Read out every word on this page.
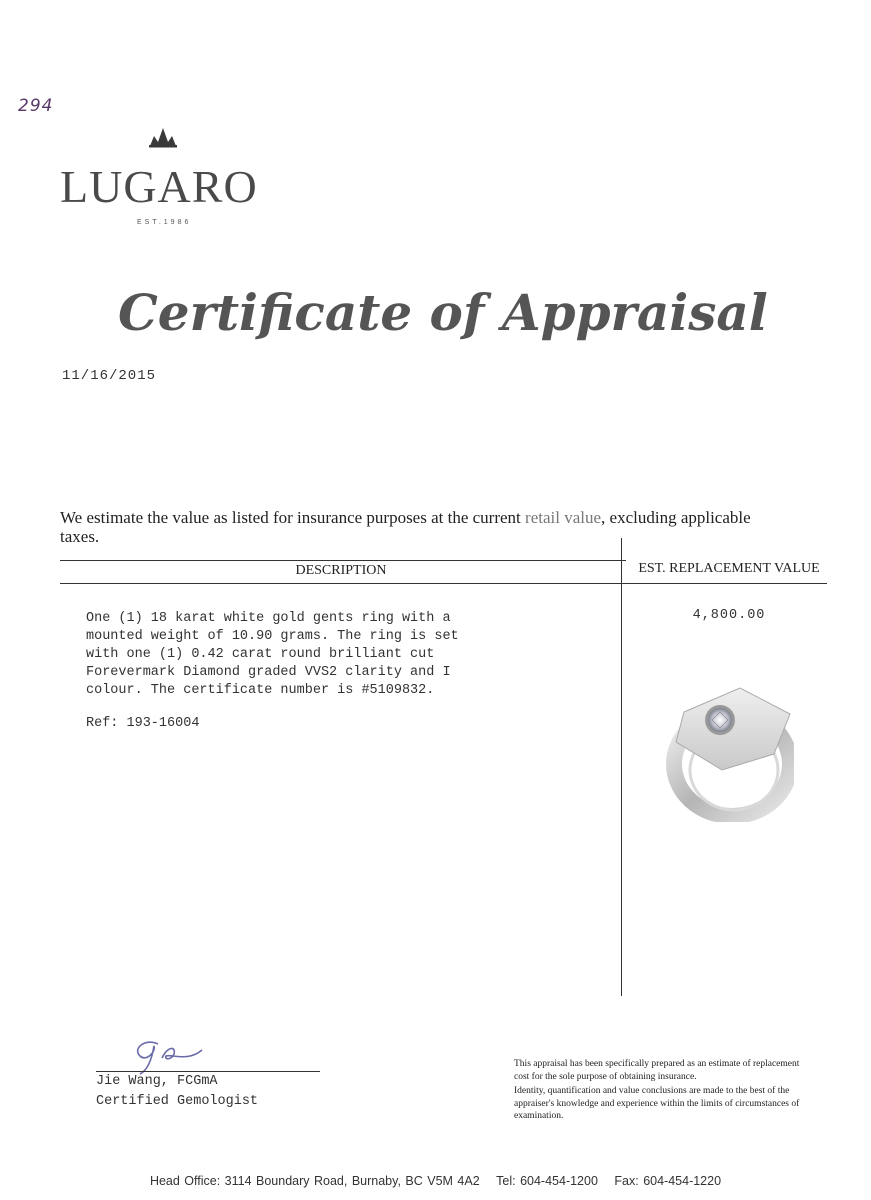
294
LUGARO
EST.1986
Certificate of Appraisal
11/16/2015
We estimate the value as listed for insurance purposes at the current retail value, excluding applicable taxes.
DESCRIPTION	EST. REPLACEMENT VALUE
One (1) 18 karat white gold gents ring with a
mounted weight of 10.90 grams. The ring is set
with one (1) 0.42 carat round brilliant cut
Forevermark Diamond graded VVS2 clarity and I
colour. The certificate number is #5109832.
Ref: 193-16004
4,800.00
Jie Wang, FCGmA
Certified Gemologist

This appraisal has been specifically prepared as an estimate of replacement cost for the sole purpose of obtaining insurance.

Identity, quantification and value conclusions are made to the best of the appraiser's knowledge and experience within the limits of circumstances of examination.

Head Office: 3114 Boundary Road, Burnaby, BC V5M 4A2 Tel: 604-454-1200 Fax: 604-454-1220
